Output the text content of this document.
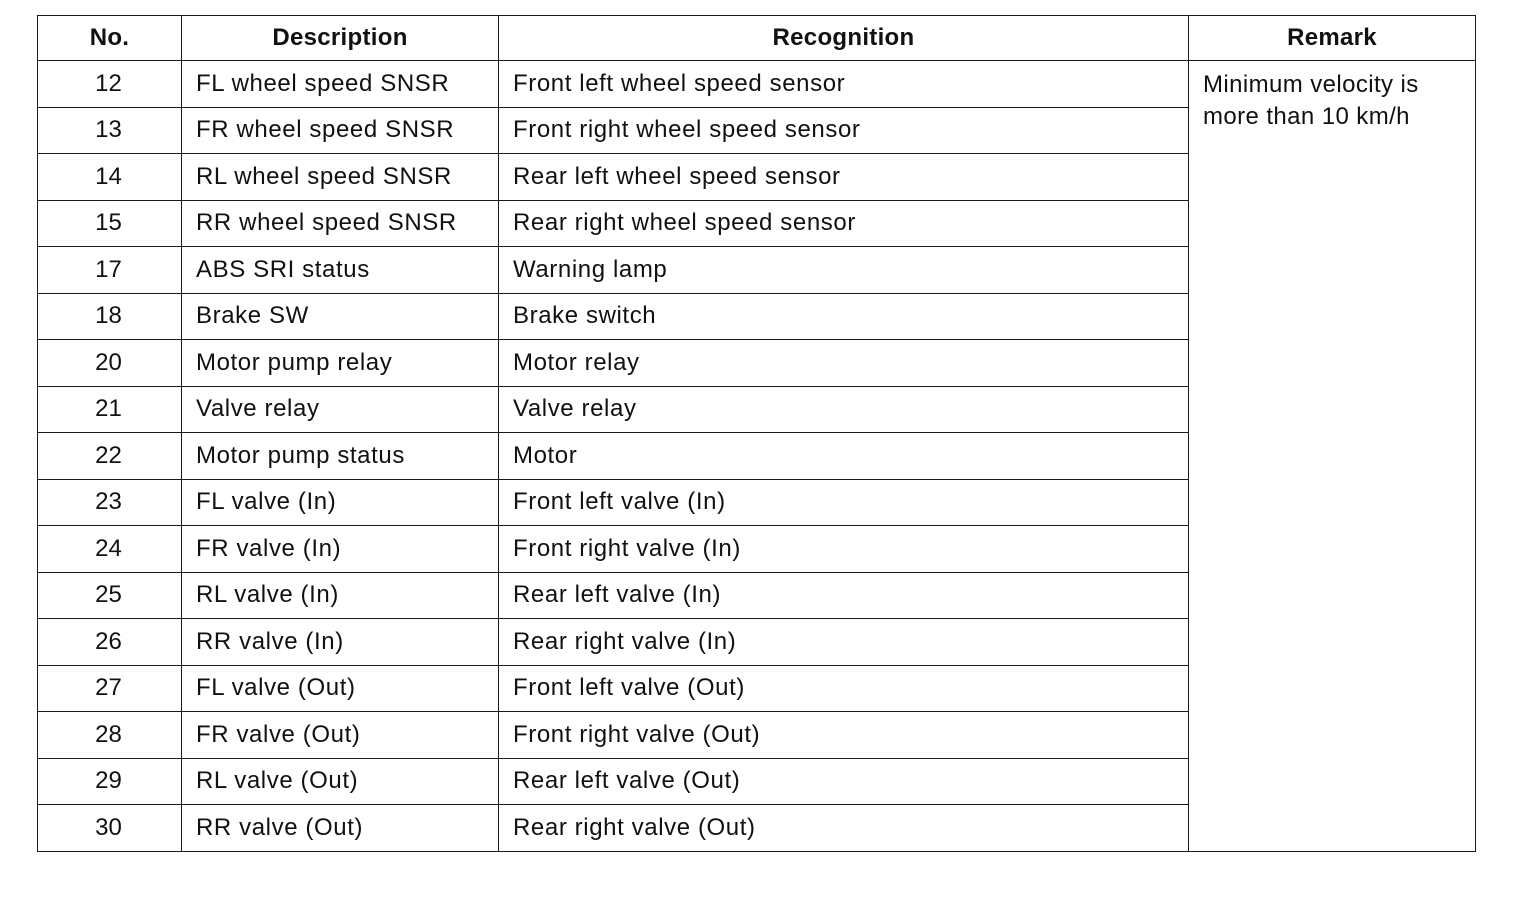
No.	Description	Recognition	Remark
12	FL wheel speed SNSR	Front left wheel speed sensor	Minimum velocity is more than 10 km/h
13	FR wheel speed SNSR	Front right wheel speed sensor	
14	RL wheel speed SNSR	Rear left wheel speed sensor	
15	RR wheel speed SNSR	Rear right wheel speed sensor	
17	ABS SRI status	Warning lamp	
18	Brake SW	Brake switch	
20	Motor pump relay	Motor relay	
21	Valve relay	Valve relay	
22	Motor pump status	Motor	
23	FL valve (In)	Front left valve (In)	
24	FR valve (In)	Front right valve (In)	
25	RL valve (In)	Rear left valve (In)	
26	RR valve (In)	Rear right valve (In)	
27	FL valve (Out)	Front left valve (Out)	
28	FR valve (Out)	Front right valve (Out)	
29	RL valve (Out)	Rear left valve (Out)	
30	RR valve (Out)	Rear right valve (Out)	
